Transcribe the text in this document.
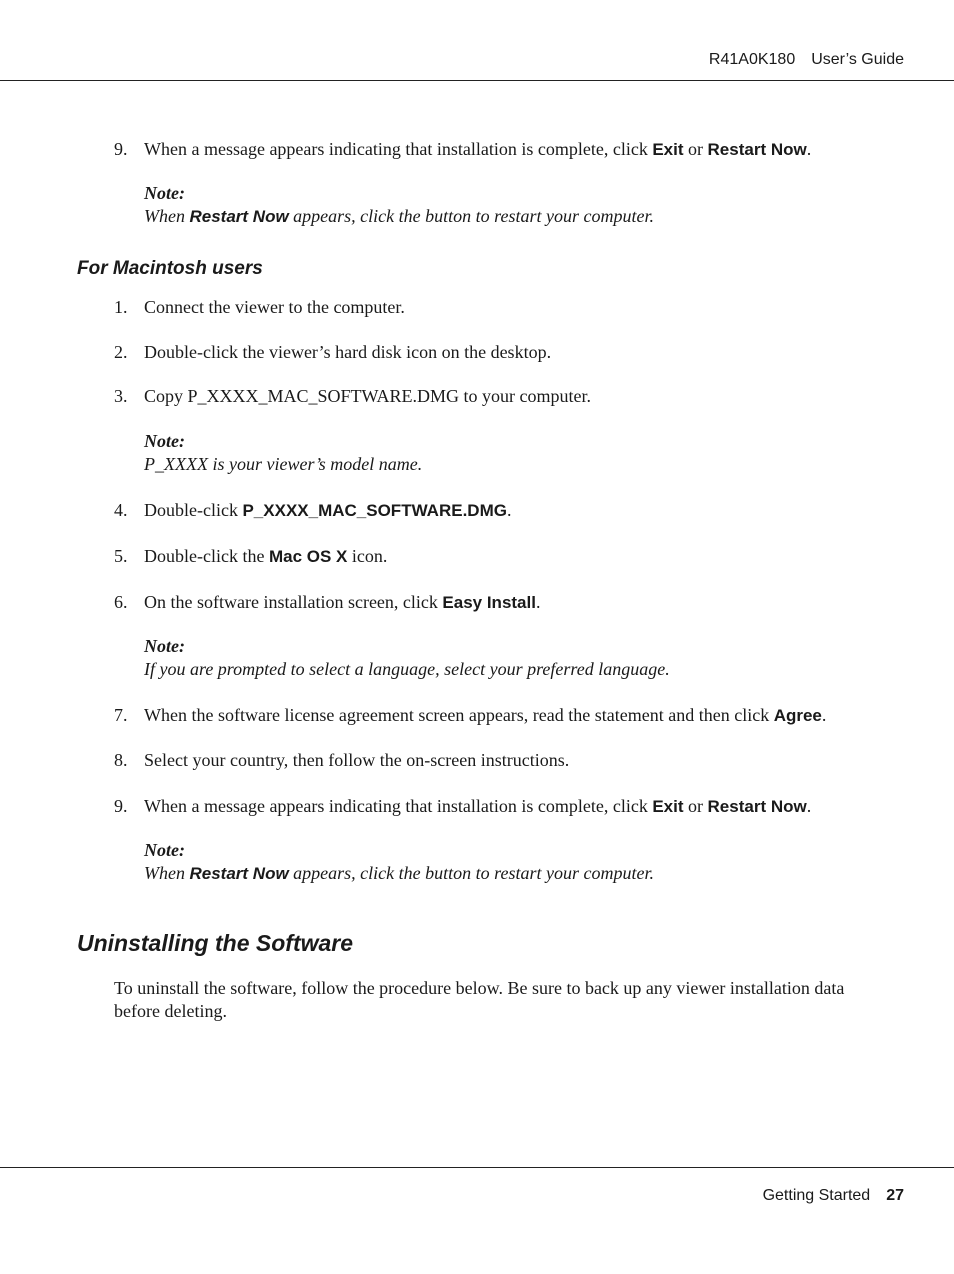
R41A0K180 User’s Guide
9. When a message appears indicating that installation is complete, click Exit or Restart Now.
Note:
When Restart Now appears, click the button to restart your computer.
For Macintosh users
1. Connect the viewer to the computer.
2. Double-click the viewer’s hard disk icon on the desktop.
3. Copy P_XXXX_MAC_SOFTWARE.DMG to your computer.
Note:
P_XXXX is your viewer’s model name.
4. Double-click P_XXXX_MAC_SOFTWARE.DMG.
5. Double-click the Mac OS X icon.
6. On the software installation screen, click Easy Install.
Note:
If you are prompted to select a language, select your preferred language.
7. When the software license agreement screen appears, read the statement and then click Agree.
8. Select your country, then follow the on-screen instructions.
9. When a message appears indicating that installation is complete, click Exit or Restart Now.
Note:
When Restart Now appears, click the button to restart your computer.
Uninstalling the Software
To uninstall the software, follow the procedure below. Be sure to back up any viewer installation data
before deleting.
Getting Started 27
